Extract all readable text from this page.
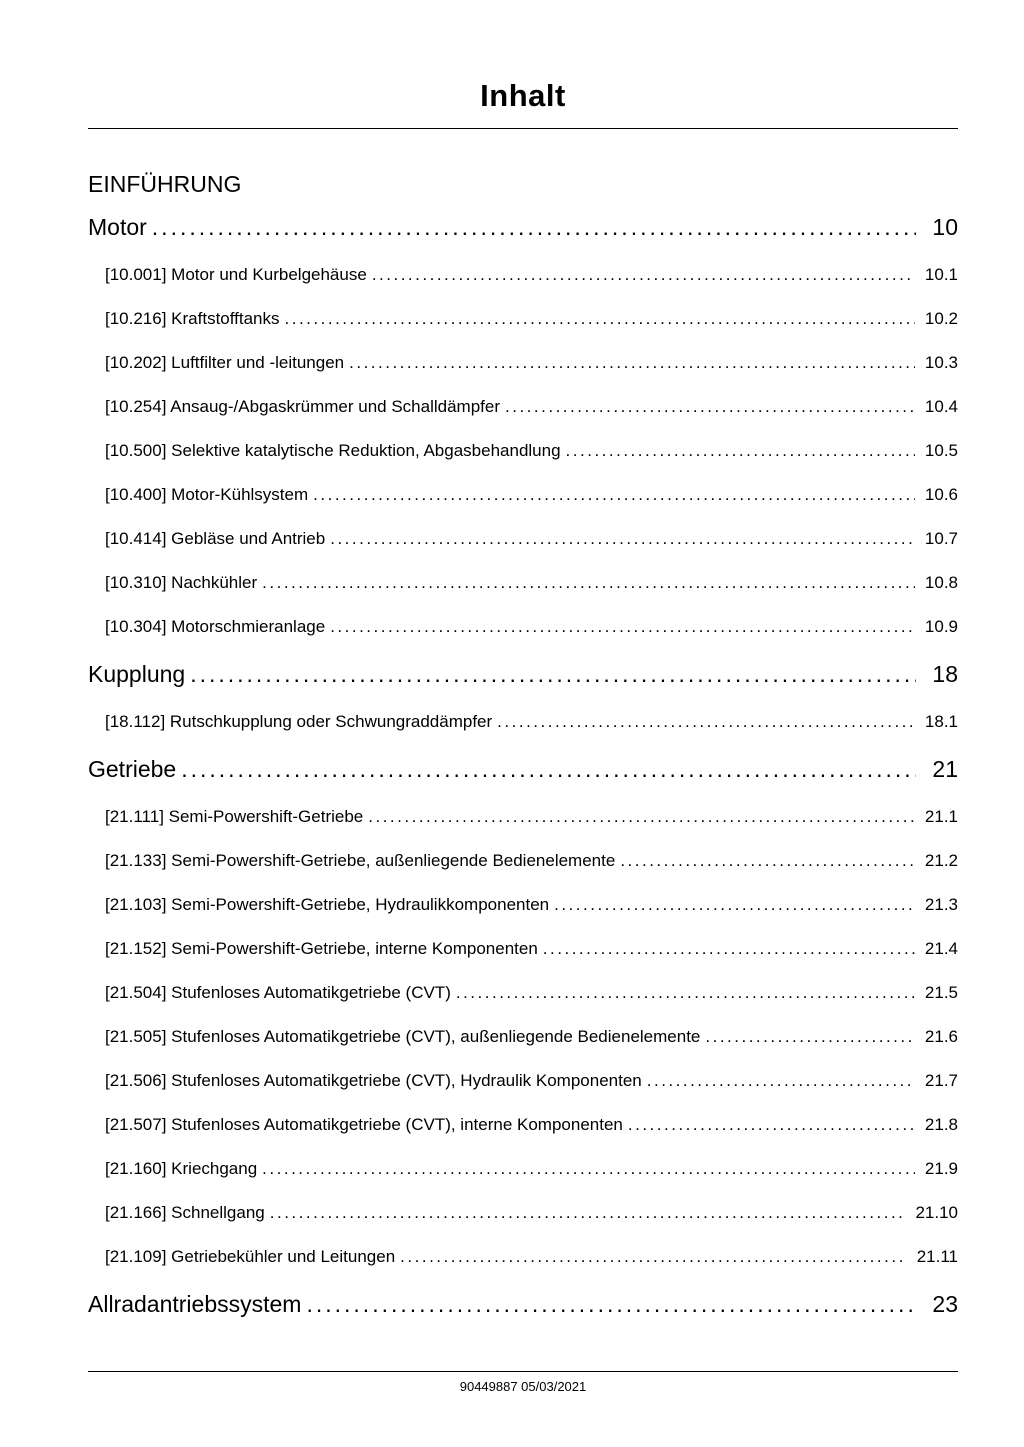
Inhalt
EINFÜHRUNG
Motor .....	10
[10.001] Motor und Kurbelgehäuse .....	10.1
[10.216] Kraftstofftanks .....	10.2
[10.202] Luftfilter und -leitungen .....	10.3
[10.254] Ansaug-/Abgaskrümmer und Schalldämpfer .....	10.4
[10.500] Selektive katalytische Reduktion, Abgasbehandlung .....	10.5
[10.400] Motor-Kühlsystem .....	10.6
[10.414] Gebläse und Antrieb .....	10.7
[10.310] Nachkühler .....	10.8
[10.304] Motorschmieranlage .....	10.9
Kupplung .....	18
[18.112] Rutschkupplung oder Schwungraddämpfer .....	18.1
Getriebe .....	21
[21.111] Semi-Powershift-Getriebe .....	21.1
[21.133] Semi-Powershift-Getriebe, außenliegende Bedienelemente .....	21.2
[21.103] Semi-Powershift-Getriebe, Hydraulikkomponenten .....	21.3
[21.152] Semi-Powershift-Getriebe, interne Komponenten .....	21.4
[21.504] Stufenloses Automatikgetriebe (CVT) .....	21.5
[21.505] Stufenloses Automatikgetriebe (CVT), außenliegende Bedienelemente .....	21.6
[21.506] Stufenloses Automatikgetriebe (CVT), Hydraulik Komponenten .....	21.7
[21.507] Stufenloses Automatikgetriebe (CVT), interne Komponenten .....	21.8
[21.160] Kriechgang .....	21.9
[21.166] Schnellgang .....	21.10
[21.109] Getriebekühler und Leitungen .....	21.11
Allradantriebssystem .....	23
90449887 05/03/2021
